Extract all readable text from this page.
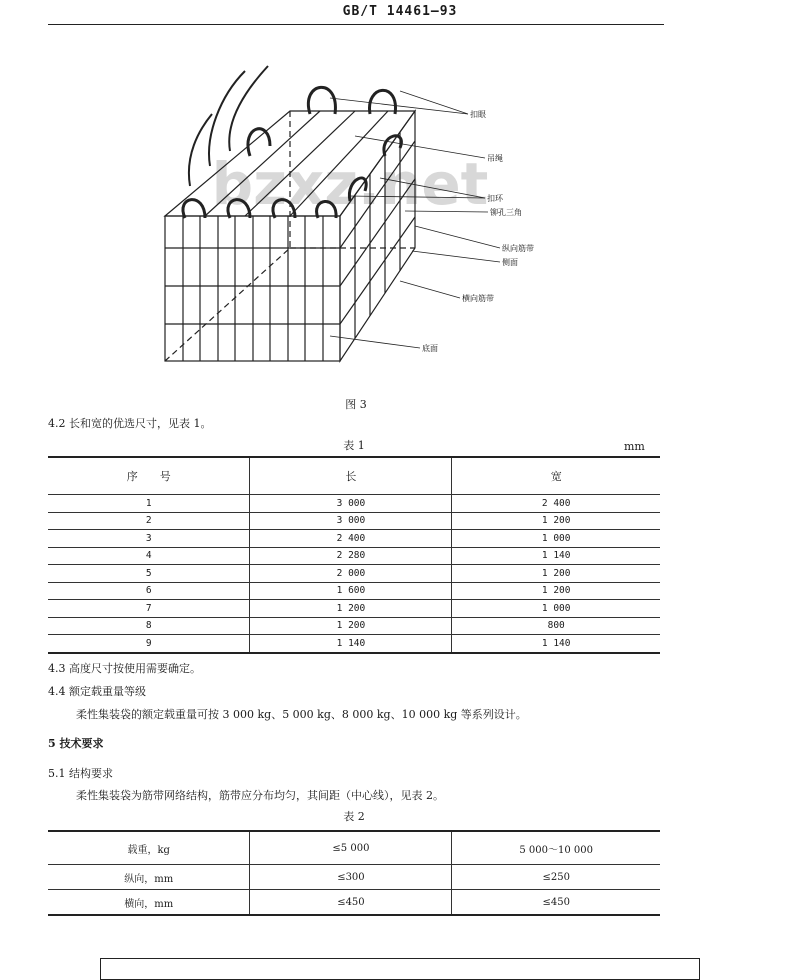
GB/T 14461—93
bzxz.net
扣眼
吊绳
扣环
铆孔三角
纵向筋带
侧面
横向筋带
底面
图 3
4.2 长和宽的优选尺寸，见表 1。
表 1	mm
序　　号	长	宽
1	3 000	2 400
2	3 000	1 200
3	2 400	1 000
4	2 280	1 140
5	2 000	1 200
6	1 600	1 200
7	1 200	1 000
8	1 200	800
9	1 140	1 140
4.3 高度尺寸按使用需要确定。
4.4 额定载重量等级
柔性集装袋的额定载重量可按 3 000 kg、5 000 kg、8 000 kg、10 000 kg 等系列设计。
5 技术要求
5.1 结构要求
柔性集装袋为筋带网络结构，筋带应分布均匀，其间距（中心线），见表 2。
表 2
载重，kg	≤5 000	5 000～10 000
纵向，mm	≤300	≤250
横向，mm	≤450	≤450
